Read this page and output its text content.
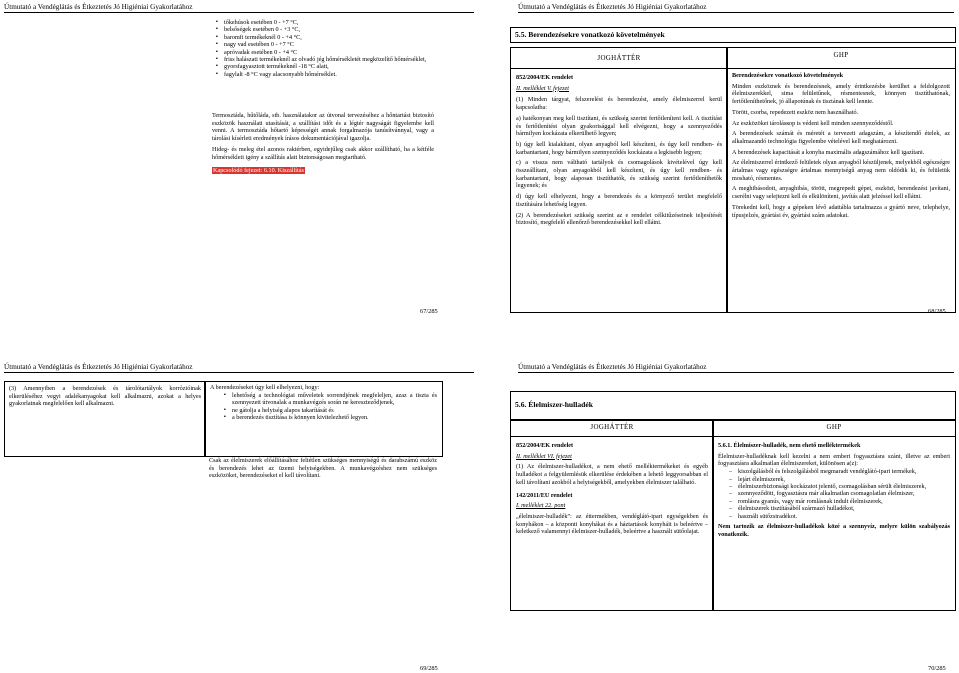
Útmutató a Vendéglátás és Étkeztetés Jó Higiéniai Gyakorlatához
▪ tőkehúsok esetében 0 - +7 °C,
▪ belsőségek esetében 0 - +3 °C,
▪ baromfi termékeknél 0 - +4 °C,
▪ nagy vad esetében 0 - +7 °C
▪ apróvadak esetében 0 - +4 °C
▪ friss halászati termékeknél az olvadó jég hőmérsékletét megközelítő hőmérséklet,
▪ gyorsfagyasztott termékeknél -18 °C alatt,
▪ fagylalt -8 °C vagy alacsonyabb hőmérséklet.

Termosztáda, hűtőláda, stb. használatakor az útvonal tervezéséhez a hőntartást biztosító eszközök használati utasítását, a szállítási időt és a légtér nagyságát figyelembe kell venni. A termosztáda hőtartó képességét annak forgalmazója tanúsítvánnyal, vagy a tárolási kísérleti eredmények írásos dokumentációjával igazolja.

Hideg- és meleg étel azonos raktérben, egyidejűleg csak akkor szállítható, ha a kétféle hőmérsékleti igény a szállítás alatt biztonságosan megtartható.

Kapcsolódó fejezet: 6.10. Kiszállítás

67/285
Útmutató a Vendéglátás és Étkeztetés Jó Higiéniai Gyakorlatához
5.5. Berendezésekre vonatkozó követelmények
JOGHÁTTÉR
852/2004/EK rendelet
II. melléklet V. fejezet

(1) Minden tárgyat, felszerelést és berendezést, amely élelmiszerrel kerül kapcsolatba:

a) hatékonyan meg kell tisztítani, és szükség szerint fertőtleníteni kell. A tisztítást és fertőtlenítést olyan gyakorisággal kell elvégezni, hogy a szennyeződés bármilyen kockázata elkerülhető legyen;

b) úgy kell kialakítani, olyan anyagból kell készíteni, és úgy kell rendben- és karbantartani, hogy bármilyen szennyeződés kockázata a legkisebb legyen;

c) a visszа nem váltható tartályok és csomagolások kivételével úgy kell összeállítani, olyan anyagokból kell készíteni, és úgy kell rendben- és karbantartani, hogy alaposan tisztíthatók, és szükség szerint fertőtleníthetők legyenek; és

d) úgy kell elhelyezni, hogy a berendezés és a környező terület megfelelő tisztítására lehetőség legyen.

(2) A berendezéseket szükség szerint az e rendelet célkitűzéseinek teljesítését biztosító, megfelelő ellenőrző berendezésekkel kell ellátni.

GHP

Berendezésekre vonatkozó követelmények

Minden eszköznek és berendezésnek, amely érintkezésbe kerülhet a feldolgozott élelmiszerekkel, sima felületűnek, résmentesnek, könnyen tisztíthatónak, fertőtleníthetőnek, jó állapotúnak és tisztának kell lennie.

Törött, csorba, repedezett eszköz nem használható.

Az eszközöket tárolásкор is védeni kell minden szennyeződéstől.

A berendezések számát és méretét a tervezett adagszám, a készítendő ételek, az alkalmazandó technológia figyelembe vételével kell meghatározni.

A berendezések kapacitását a konyha maximális adagszámához kell igazítani.

Az élelmiszerrel érintkező felületek olyan anyagból készüljenek, melyekből egészségre ártalmas vagy egészségre ártalmas mennyiségű anyag nem oldódik ki, és felületük mosható, résmentes.

A meghibásodott, anyaghibás, törött, megrepedt gépet, eszközt, berendezést javítani, cserélni vagy selejtezni kell és elkülöníteni, javítás alatt jelzéssel kell ellátni.

Törekedni kell, hogy a gépeken lévő adattábla tartalmazza a gyártó neve, telephelye, típusjelzés, gyártási év, gyártási szám adatokat.

68/285
Útmutató a Vendéglátás és Étkeztetés Jó Higiéniai Gyakorlatához
(3) Amennyiben a berendezések és tárolótartályok korrózióinak elkerüléséhez vegyi adalékanyagokat kell alkalmazni, azokat a helyes gyakorlatnak megfelelően kell alkalmazni.

A berendezéseket úgy kell elhelyezni, hogy:

▪ lehetőség a technológiai műveletek sorrendjének megfeleljen, azaz a tiszta és szennyezett útvonalak a munkavégzés során ne kereszteződjenek,
▪ ne gátolja a helyiség alapos takarítását és
▪ a berendezés tisztítása is könnyen kivitelezhető legyen.
Csak az élelmiszerek előállításához feltétlen szükséges mennyiségű és darabszámú eszköz és berendezés lehet az üzemi helyiségekben. A munkavégzéshez nem szükséges eszközöket, berendezéseket el kell távolítani.
69/285
Útmutató a Vendéglátás és Étkeztetés Jó Higiéniai Gyakorlatához
5.6. Élelmiszer-hulladék
JOGHÁTTÉR
852/2004/EK rendelet
II. melléklet VI. fejezet

(1) Az élelmiszer-hulladékot, a nem ehető melléktermékeket és egyéb hulladékot a felgyülemlésük elkerülése érdekében a lehető leggyorsabban el kell távolítani azokból a helyiségekből, amelyekben élelmiszer található.

142/2011/EU rendelet
I. melléklet 22. pont

„élelmiszer-hulladék”: az éttermekben, vendéglátó-ipari egységekben és konyhákon – a központi konyhákat és a háztartások konyháit is beleértve – keletkező valamennyi élelmiszer-hulladék, beleértve a használt sütőolajat.

GHP

5.6.1. Élelmiszer-hulladék, nem ehető melléktermékek

Élelmiszer-hulladéknak kell kezelni a nem emberi fogyasztásra szánt, illetve az emberi fogyasztásra alkalmatlan élelmiszereket, különösen a(z):

– kiszolgálásból és felszolgálásból megmaradt vendéglátó-ipari termékek,
– lejárt élelmiszerek,
– élelmiszerbiztonsági kockázatot jelentő, csomagolásban sérült élelmiszerek,
– szennyeződött, fogyasztásra már alkalmatlan csomagolatlan élelmiszer,
– romlásra gyanús, vagy már romlásnak indult élelmiszerek,
– élelmiszerek tisztításából származó hulladékot,
– használt sütőzsiradékot.

Nem tartozik az élelmiszer-hulladékok közé a szennyvíz, melyre külön szabályozás vonatkozik.

70/285
